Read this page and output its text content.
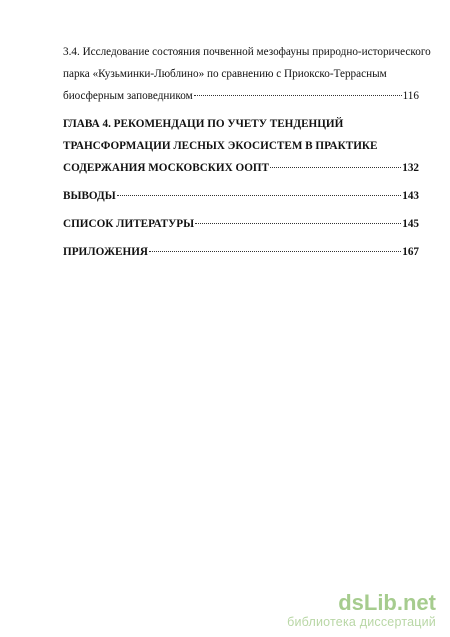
3.4. Исследование состояния почвенной мезофауны природно-исторического
парка «Кузьминки-Люблино» по сравнению с Приокско-Террасным
биосферным заповедником	116
ГЛАВА 4. РЕКОМЕНДАЦИ ПО УЧЕТУ ТЕНДЕНЦИЙ
ТРАНСФОРМАЦИИ ЛЕСНЫХ ЭКОСИСТЕМ В ПРАКТИКЕ
СОДЕРЖАНИЯ МОСКОВСКИХ ООПТ	132
ВЫВОДЫ	143
СПИСОК ЛИТЕРАТУРЫ	145
ПРИЛОЖЕНИЯ	167
dsLib.net
библиотека диссертаций
